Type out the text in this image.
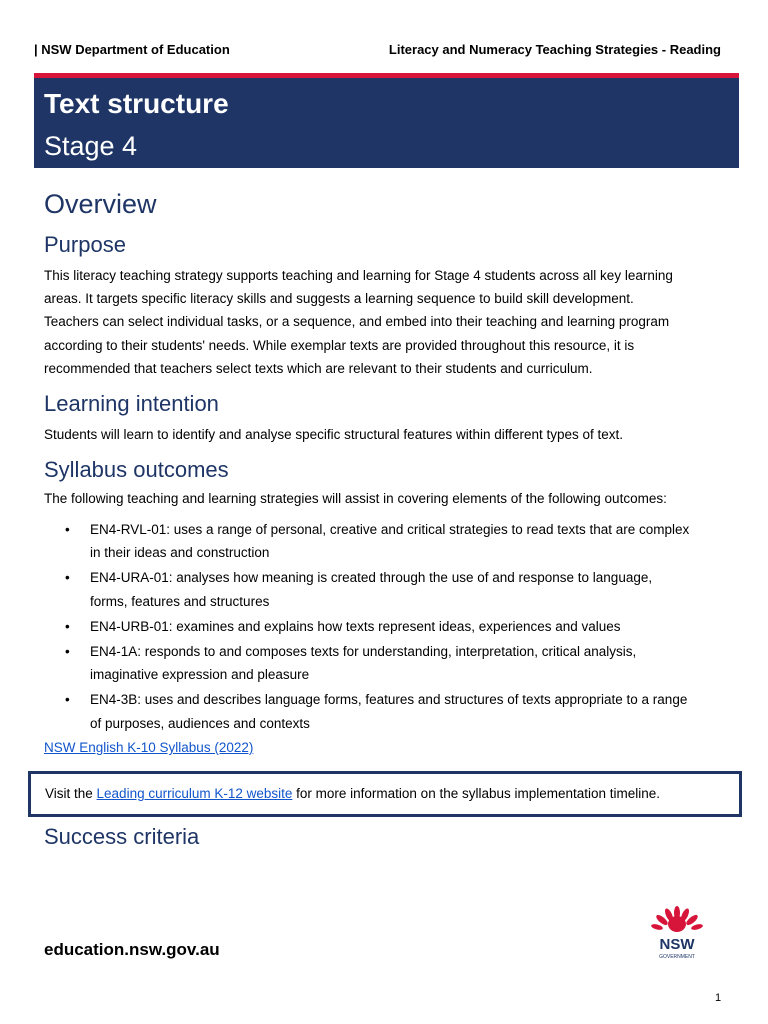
| NSW Department of Education	Literacy and Numeracy Teaching Strategies - Reading
Text structure
Stage 4
Overview
Purpose

This literacy teaching strategy supports teaching and learning for Stage 4 students across all key learning
areas. It targets specific literacy skills and suggests a learning sequence to build skill development.
Teachers can select individual tasks, or a sequence, and embed into their teaching and learning program
according to their students' needs. While exemplar texts are provided throughout this resource, it is
recommended that teachers select texts which are relevant to their students and curriculum.

Learning intention

Students will learn to identify and analyse specific structural features within different types of text.

Syllabus outcomes

The following teaching and learning strategies will assist in covering elements of the following outcomes:

• EN4-RVL-01: uses a range of personal, creative and critical strategies to read texts that are complex
in their ideas and construction
• EN4-URA-01: analyses how meaning is created through the use of and response to language,
forms, features and structures
• EN4-URB-01: examines and explains how texts represent ideas, experiences and values
• EN4-1A: responds to and composes texts for understanding, interpretation, critical analysis,
imaginative expression and pleasure
• EN4-3B: uses and describes language forms, features and structures of texts appropriate to a range
of purposes, audiences and contexts
NSW English K-10 Syllabus (2022)
Visit the Leading curriculum K-12 website for more information on the syllabus implementation timeline.
Success criteria
education.nsw.gov.au	NSW
GOVERNMENT
1
